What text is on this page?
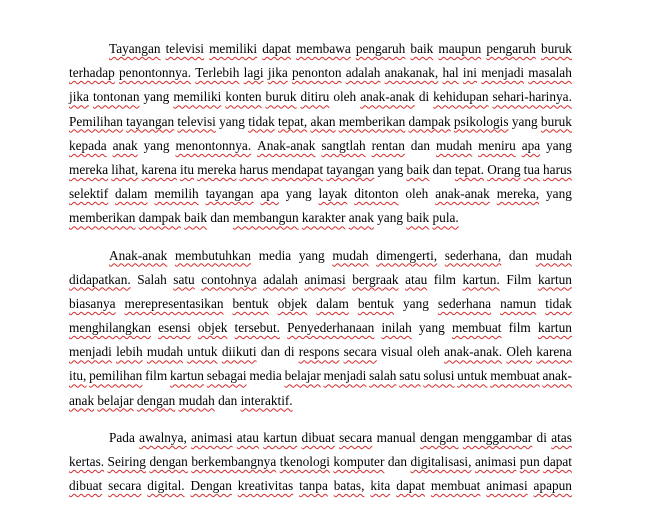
Tayangan televisi memiliki dapat membawa pengaruh baik maupun pengaruh buruk
terhadap penontonnya. Terlebih lagi jika penonton adalah anakanak, hal ini menjadi masalah
jika tontonan yang memiliki konten buruk ditiru oleh anak-anak di kehidupan sehari-harinya.
Pemilihan tayangan televisi yang tidak tepat, akan memberikan dampak psikologis yang buruk
kepada anak yang menontonnya. Anak-anak sangtlah rentan dan mudah meniru apa yang
mereka lihat, karena itu mereka harus mendapat tayangan yang baik dan tepat. Orang tua harus
selektif dalam memilih tayangan apa yang layak ditonton oleh anak-anak mereka, yang
memberikan dampak baik dan membangun karakter anak yang baik pula.
Anak-anak membutuhkan media yang mudah dimengerti, sederhana, dan mudah
didapatkan. Salah satu contohnya adalah animasi bergraak atau film kartun. Film kartun
biasanya merepresentasikan bentuk objek dalam bentuk yang sederhana namun tidak
menghilangkan esensi objek tersebut. Penyederhanaan inilah yang membuat film kartun
menjadi lebih mudah untuk diikuti dan di respons secara visual oleh anak-anak. Oleh karena
itu, pemilihan film kartun sebagai media belajar menjadi salah satu solusi untuk membuat anak-
anak belajar dengan mudah dan interaktif.
Pada awalnya, animasi atau kartun dibuat secara manual dengan menggambar di atas
kertas. Seiring dengan berkembangnya tkenologi komputer dan digitalisasi, animasi pun dapat
dibuat secara digital. Dengan kreativitas tanpa batas, kita dapat membuat animasi apapun
